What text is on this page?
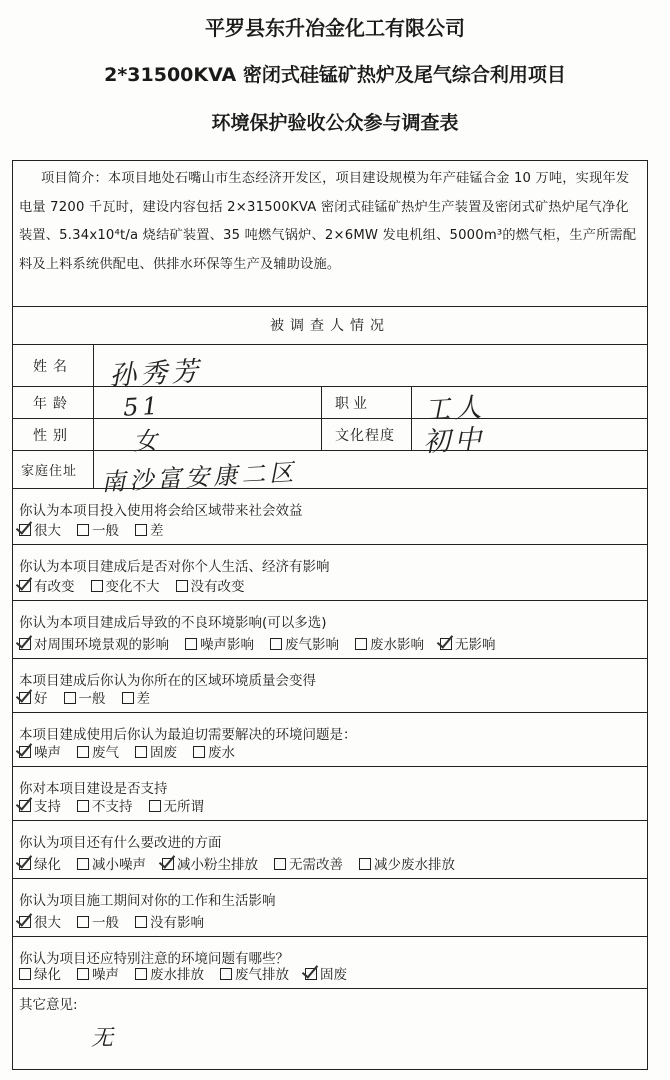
平罗县东升冶金化工有限公司
2*31500KVA 密闭式硅锰矿热炉及尾气综合利用项目
环境保护验收公众参与调查表
项目简介：本项目地处石嘴山市生态经济开发区，项目建设规模为年产硅锰合金 10 万吨，实现年发电量 7200 千瓦时，建设内容包括 2×31500KVA 密闭式硅锰矿热炉生产装置及密闭式矿热炉尾气净化装置、5.34x10⁴t/a 烧结矿装置、35 吨燃气锅炉、2×6MW 发电机组、5000m³的燃气柜，生产所需配料及上料系统供配电、供排水环保等生产及辅助设施。
被调查人情况
姓名	孙秀芳
年龄	51	职业	工人
性别	女	文化程度	初中
家庭住址 南沙富安康二区
你认为本项目投入使用将会给区域带来社会效益
很大 一般 差
你认为本项目建成后是否对你个人生活、经济有影响
有改变 变化不大 没有改变
你认为本项目建成后导致的不良环境影响(可以多选)
对周围环境景观的影响 噪声影响 废气影响 废水影响 无影响
本项目建成后你认为你所在的区域环境质量会变得
好 一般 差
本项目建成使用后你认为最迫切需要解决的环境问题是：
噪声 废气 固废 废水
你对本项目建设是否支持
支持 不支持 无所谓
你认为项目还有什么要改进的方面
绿化 减小噪声 减小粉尘排放 无需改善 减少废水排放
你认为项目施工期间对你的工作和生活影响
很大 一般 没有影响
你认为项目还应特别注意的环境问题有哪些？
绿化 噪声 废水排放 废气排放 固废
其它意见:
无
